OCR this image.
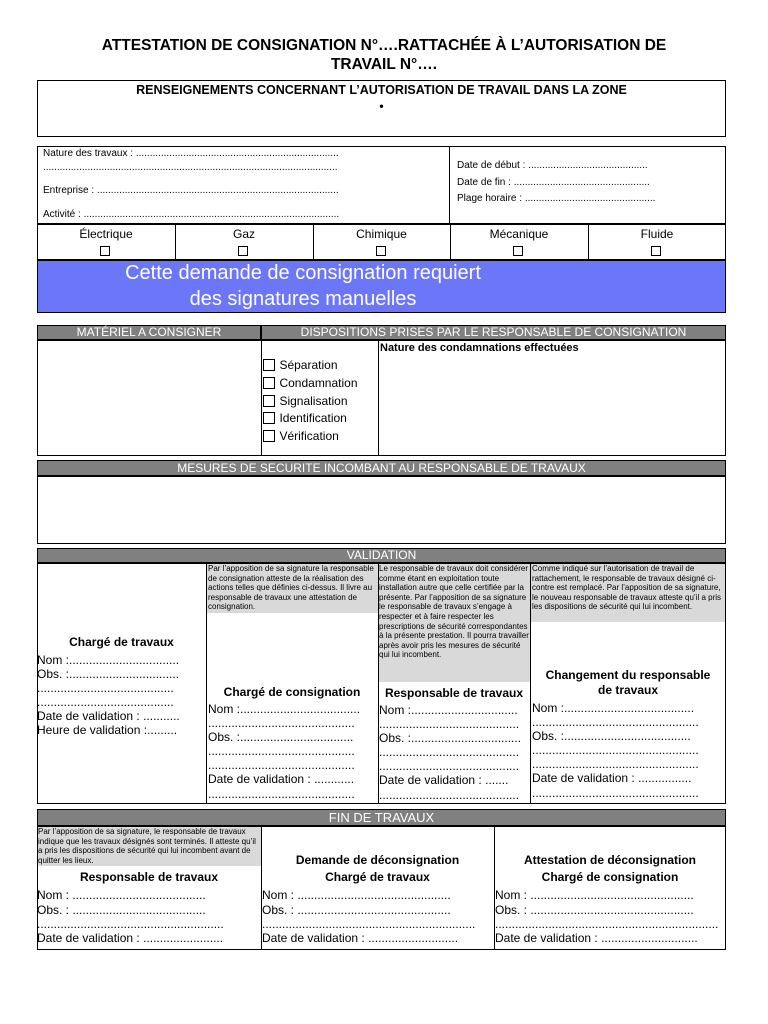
ATTESTATION DE CONSIGNATION N°….RATTACHÉE À L’AUTORISATION DE
TRAVAIL N°….
RENSEIGNEMENTS CONCERNANT L’AUTORISATION DE TRAVAIL DANS LA ZONE
•
Nature des travaux : .........................................................................
..........................................................................................................
Entreprise : .......................................................................................
Activité : ............................................................................................
Date de début : ...........................................
Date de fin : .................................................
Plage horaire : ...............................................
Électrique	Gaz	Chimique	Mécanique	Fluide
Cette demande de consignation requiert
des signatures manuelles
MATÉRIEL A CONSIGNER	DISPOSITIONS PRISES PAR LE RESPONSABLE DE CONSIGNATION
Séparation
Condamnation
Signalisation
Identification
Vérification
Nature des condamnations effectuées
MESURES DE SECURITE INCOMBANT AU RESPONSABLE DE TRAVAUX
VALIDATION
Chargé de travaux
Nom :.................................
Obs. :.................................
.........................................
.........................................
Date de validation : ...........
Heure de validation :.........
Par l’apposition de sa signature la responsable de consignation atteste de la réalisation des actions telles que définies ci-dessus. Il livre au responsable de travaux une attestation de consignation.
Chargé de consignation
Nom :....................................
............................................
Obs. :..................................
............................................
............................................
Date de validation : ............
............................................
Le responsable de travaux doit considérer comme étant en exploitation toute installation autre que celle certifiée par la présente. Par l’apposition de sa signature le responsable de travaux s’engage à respecter et à faire respecter les prescriptions de sécurité correspondantes à la présente prestation. Il pourra travailler après avoir pris les mesures de sécurité qui lui incombent.
Responsable de travaux
Nom :................................
..........................................
Obs. :.................................
..........................................
..........................................
Date de validation : .......
..........................................
Comme indiqué sur l’autorisation de travail de rattachement, le responsable de travaux désigné ci-contre est remplacé. Par l’apposition de sa signature, le nouveau responsable de travaux atteste qu’il a pris les dispositions de sécurité qui lui incombent.
Changement du responsable
de travaux
Nom :.......................................
..................................................
Obs. :......................................
..................................................
..................................................
Date de validation : ................
..................................................
FIN DE TRAVAUX
Par l’apposition de sa signature, le responsable de travaux indique que les travaux désignés sont terminés. Il atteste qu’il a pris les dispositions de sécurité qui lui incombent avant de quitter les lieux.
Responsable de travaux
Nom : ........................................
Obs. : ........................................
........................................................
Date de validation : ........................
Demande de déconsignation
Chargé de travaux
Nom : ..............................................
Obs. : ..............................................
................................................................
Date de validation : ...........................
Attestation de déconsignation
Chargé de consignation
Nom : .................................................
Obs. : .................................................
...................................................................
Date de validation : .............................
